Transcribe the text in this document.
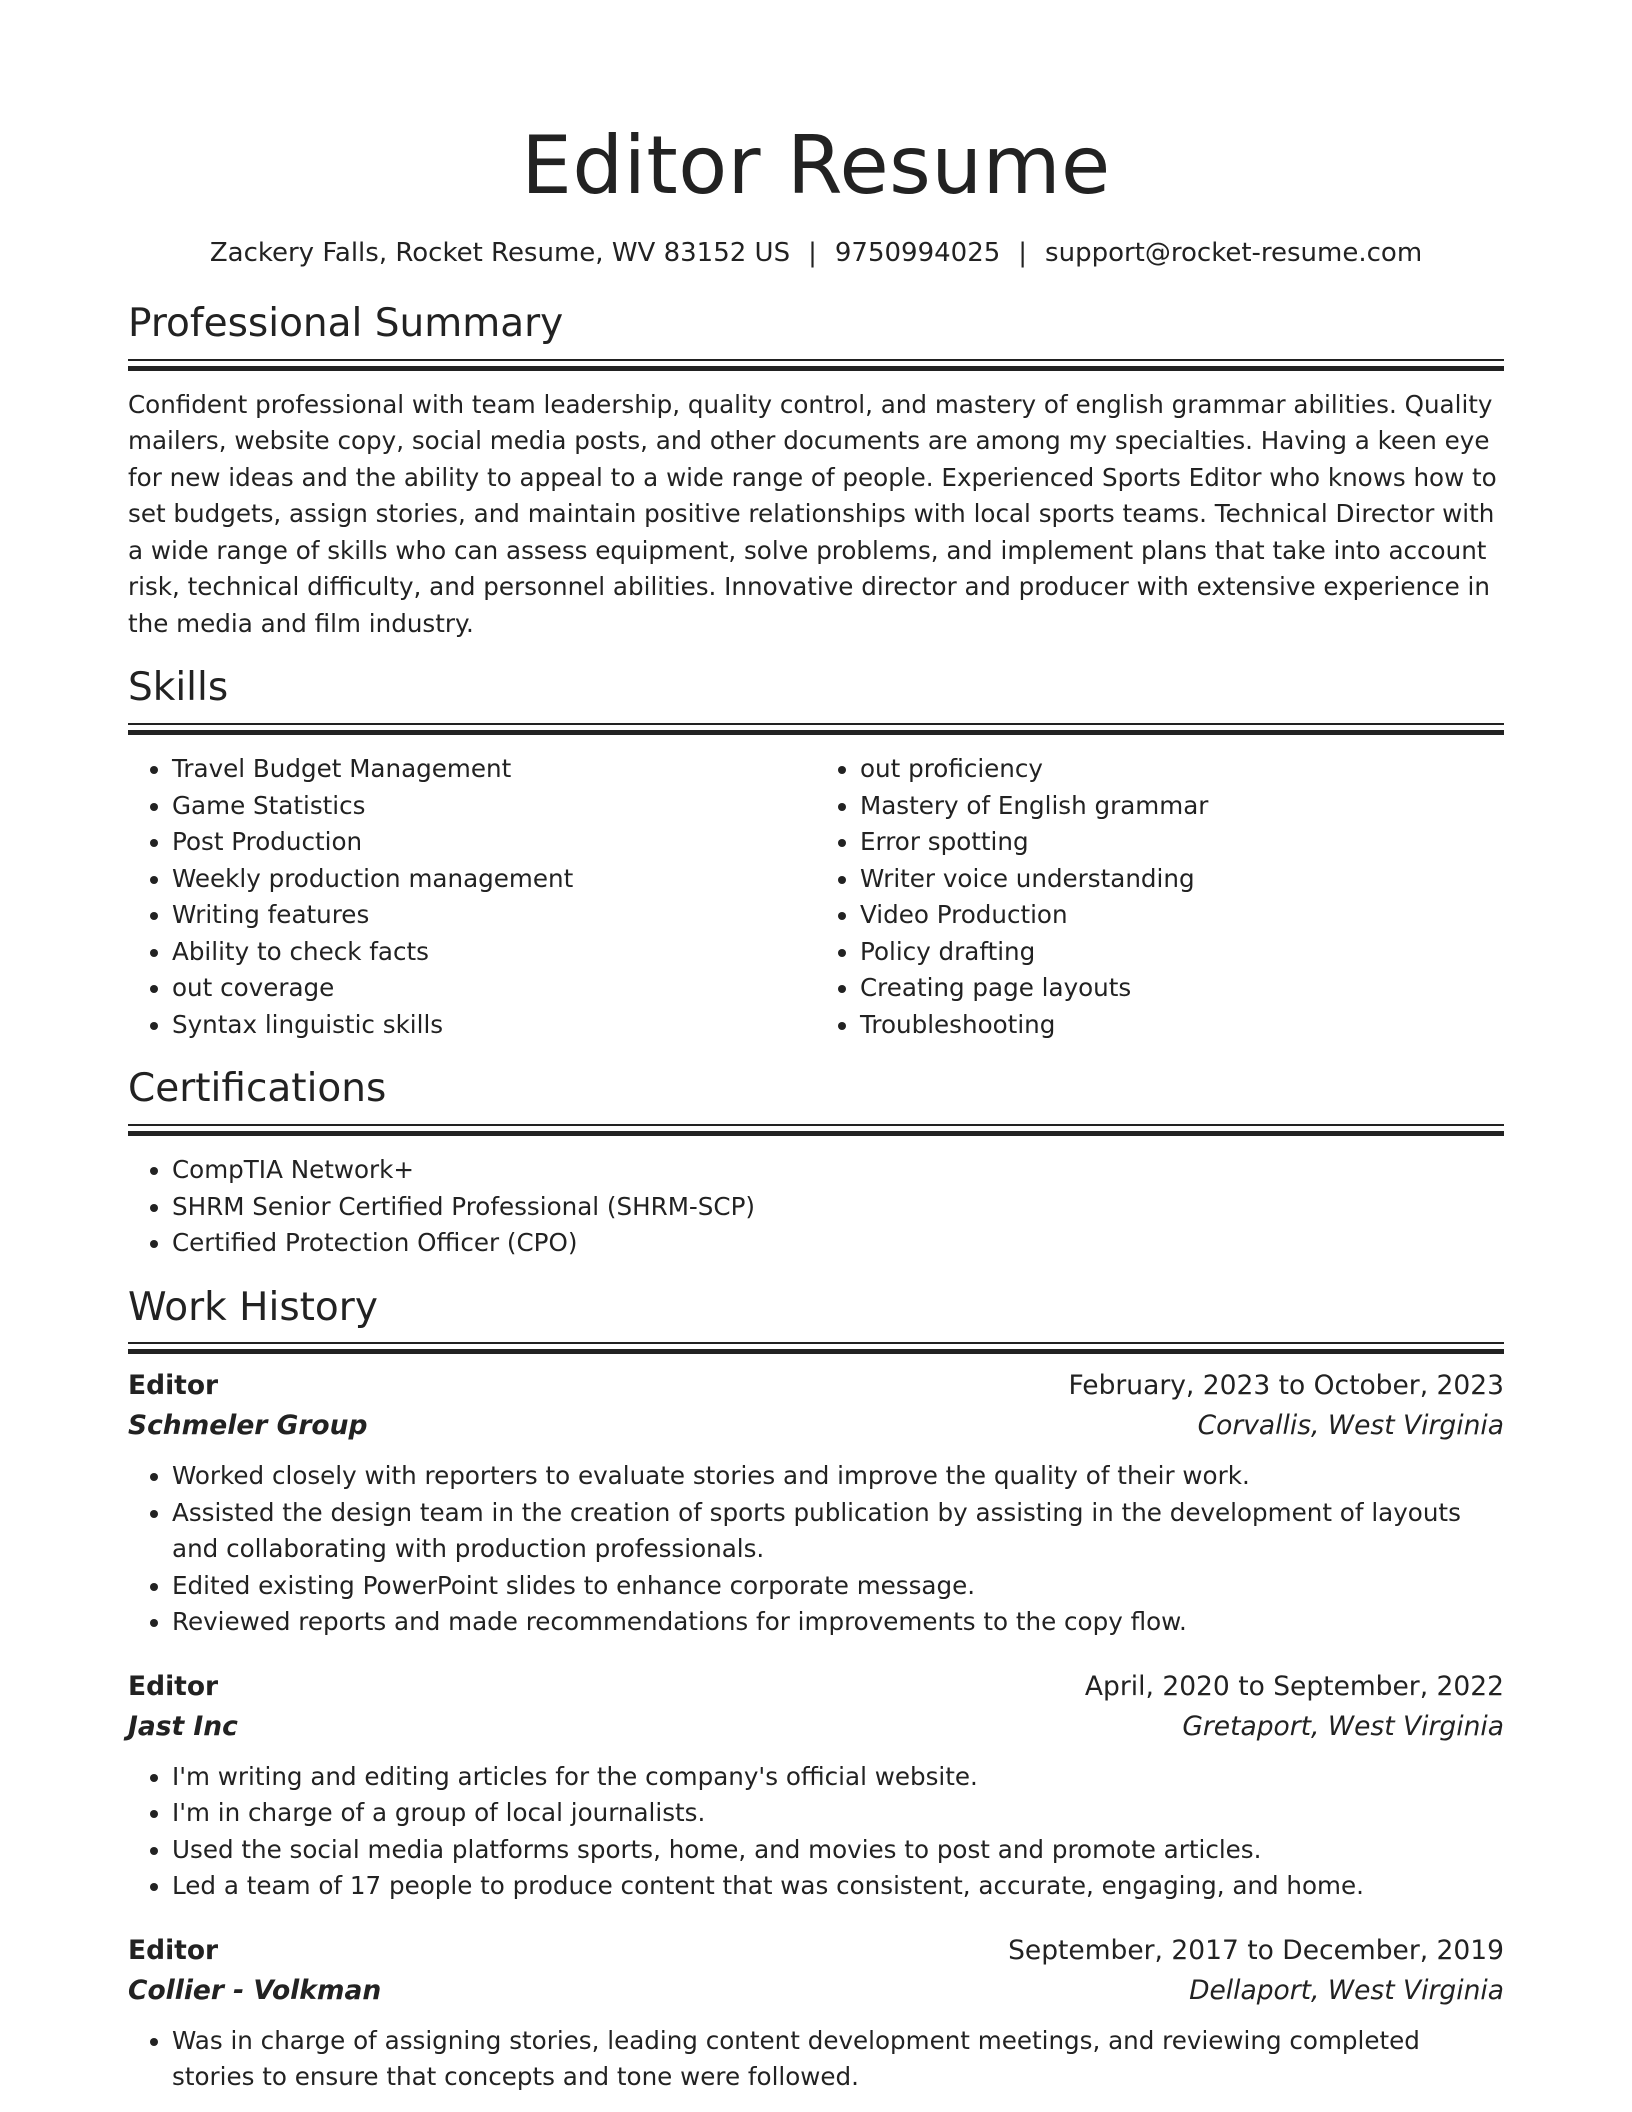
Editor Resume
Zackery Falls, Rocket Resume, WV 83152 US | 9750994025 | support@rocket-resume.com
Professional Summary

Confident professional with team leadership, quality control, and mastery of english grammar abilities. Quality mailers, website copy, social media posts, and other documents are among my specialties. Having a keen eye for new ideas and the ability to appeal to a wide range of people. Experienced Sports Editor who knows how to set budgets, assign stories, and maintain positive relationships with local sports teams. Technical Director with a wide range of skills who can assess equipment, solve problems, and implement plans that take into account risk, technical difficulty, and personnel abilities. Innovative director and producer with extensive experience in the media and film industry.

Skills
• Travel Budget Management
• Game Statistics
• Post Production
• Weekly production management
• Writing features
• Ability to check facts
• out coverage
• Syntax linguistic skills
• out proficiency
• Mastery of English grammar
• Error spotting
• Writer voice understanding
• Video Production
• Policy drafting
• Creating page layouts
• Troubleshooting
Certifications
• CompTIA Network+
• SHRM Senior Certified Professional (SHRM-SCP)
• Certified Protection Officer (CPO)
Work History
Editor	February, 2023 to October, 2023
Schmeler Group	Corvallis, West Virginia
• Worked closely with reporters to evaluate stories and improve the quality of their work.
• Assisted the design team in the creation of sports publication by assisting in the development of layouts and collaborating with production professionals.
• Edited existing PowerPoint slides to enhance corporate message.
• Reviewed reports and made recommendations for improvements to the copy flow.
Editor	April, 2020 to September, 2022
Jast Inc	Gretaport, West Virginia
• I'm writing and editing articles for the company's official website.
• I'm in charge of a group of local journalists.
• Used the social media platforms sports, home, and movies to post and promote articles.
• Led a team of 17 people to produce content that was consistent, accurate, engaging, and home.
Editor	September, 2017 to December, 2019
Collier - Volkman	Dellaport, West Virginia
• Was in charge of assigning stories, leading content development meetings, and reviewing completed stories to ensure that concepts and tone were followed.
